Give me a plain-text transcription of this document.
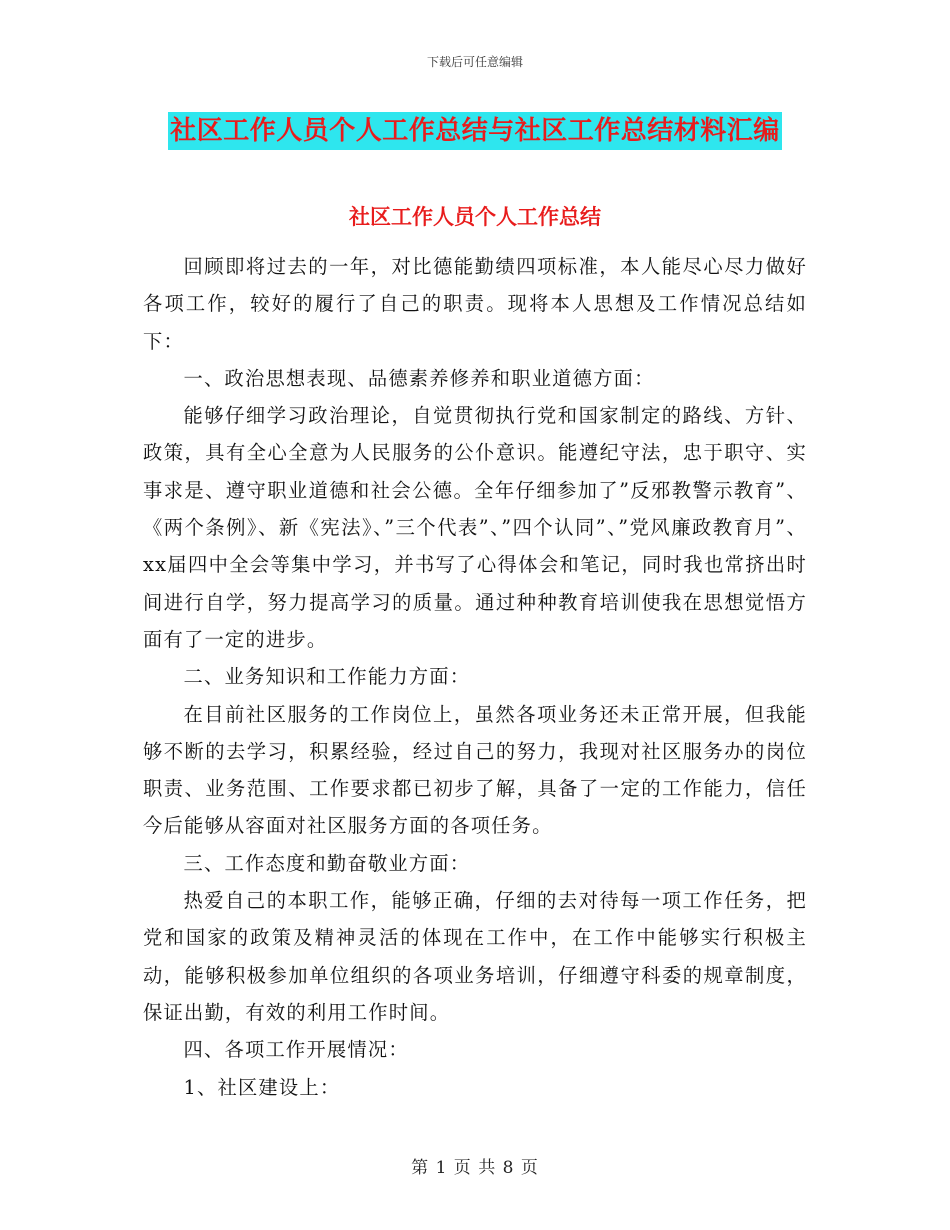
下载后可任意编辑
社区工作人员个人工作总结与社区工作总结材料汇编
社区工作人员个人工作总结

回顾即将过去的一年，对比德能勤绩四项标准，本人能尽心尽力做好各项工作，较好的履行了自己的职责。现将本人思想及工作情况总结如下：

一、政治思想表现、品德素养修养和职业道德方面：

能够仔细学习政治理论，自觉贯彻执行党和国家制定的路线、方针、政策，具有全心全意为人民服务的公仆意识。能遵纪守法，忠于职守、实事求是、遵守职业道德和社会公德。全年仔细参加了”反邪教警示教育”、《两个条例》、新《宪法》、”三个代表”、”四个认同”、”党风廉政教育月”、xx届四中全会等集中学习，并书写了心得体会和笔记，同时我也常挤出时间进行自学，努力提高学习的质量。通过种种教育培训使我在思想觉悟方面有了一定的进步。

二、业务知识和工作能力方面：

在目前社区服务的工作岗位上，虽然各项业务还未正常开展，但我能够不断的去学习，积累经验，经过自己的努力，我现对社区服务办的岗位职责、业务范围、工作要求都已初步了解，具备了一定的工作能力，信任今后能够从容面对社区服务方面的各项任务。

三、工作态度和勤奋敬业方面：

热爱自己的本职工作，能够正确，仔细的去对待每一项工作任务，把党和国家的政策及精神灵活的体现在工作中，在工作中能够实行积极主动，能够积极参加单位组织的各项业务培训，仔细遵守科委的规章制度，保证出勤，有效的利用工作时间。

四、各项工作开展情况：

1、社区建设上：

第 1 页 共 8 页
